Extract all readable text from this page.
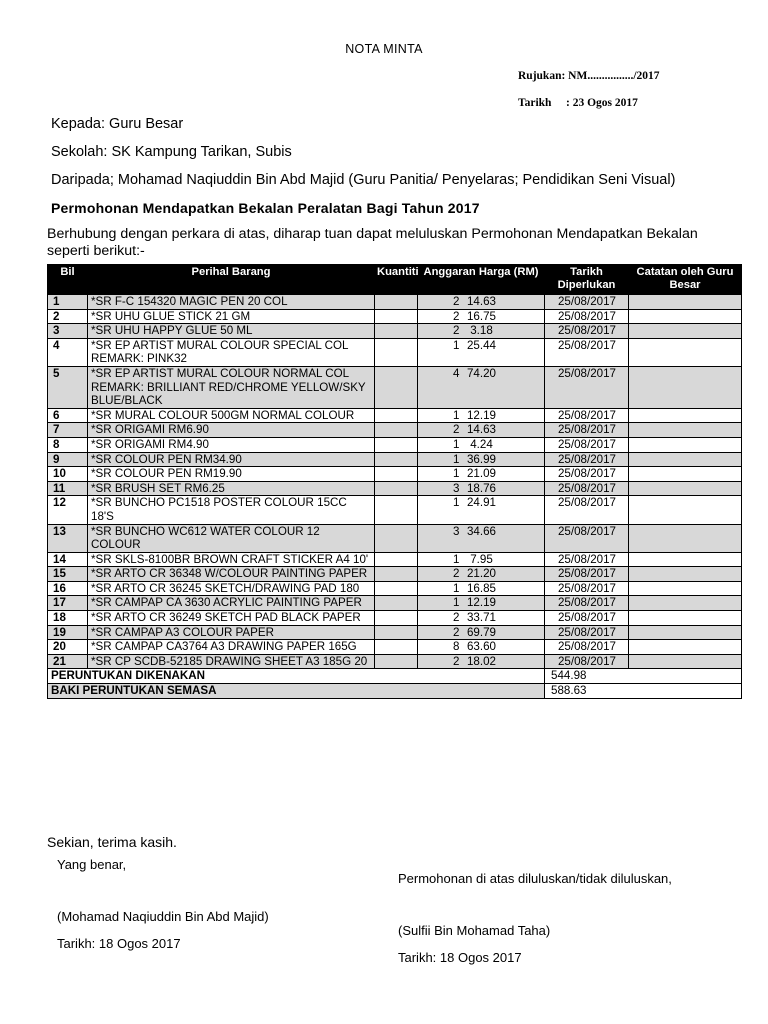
NOTA MINTA
Rujukan: NM................/2017
Tarikh : 23 Ogos 2017
Kepada: Guru Besar
Sekolah: SK Kampung Tarikan, Subis
Daripada; Mohamad Naqiuddin Bin Abd Majid (Guru Panitia/ Penyelaras; Pendidikan Seni Visual)
Permohonan Mendapatkan Bekalan Peralatan Bagi Tahun 2017
Berhubung dengan perkara di atas, diharap tuan dapat meluluskan Permohonan Mendapatkan Bekalan seperti berikut:-
Bil	Perihal Barang	Kuantiti	Anggaran Harga (RM)	Tarikh Diperlukan	Catatan oleh Guru Besar
1	*SR F-C 154320 MAGIC PEN 20 COL	2	14.63	25/08/2017	
2	*SR UHU GLUE STICK 21 GM	2	16.75	25/08/2017	
3	*SR UHU HAPPY GLUE 50 ML	2	3.18	25/08/2017	
4	*SR EP ARTIST MURAL COLOUR SPECIAL COL REMARK: PINK32	1	25.44	25/08/2017	
5	*SR EP ARTIST MURAL COLOUR NORMAL COL REMARK: BRILLIANT RED/CHROME YELLOW/SKY BLUE/BLACK	4	74.20	25/08/2017	
6	*SR MURAL COLOUR 500GM NORMAL COLOUR	1	12.19	25/08/2017	
7	*SR ORIGAMI RM6.90	2	14.63	25/08/2017	
8	*SR ORIGAMI RM4.90	1	4.24	25/08/2017	
9	*SR COLOUR PEN RM34.90	1	36.99	25/08/2017	
10	*SR COLOUR PEN RM19.90	1	21.09	25/08/2017	
11	*SR BRUSH SET RM6.25	3	18.76	25/08/2017	
12	*SR BUNCHO PC1518 POSTER COLOUR 15CC 18'S	1	24.91	25/08/2017	
13	*SR BUNCHO WC612 WATER COLOUR 12 COLOUR	3	34.66	25/08/2017	
14	*SR SKLS-8100BR BROWN CRAFT STICKER A4 10'	1	7.95	25/08/2017	
15	*SR ARTO CR 36348 W/COLOUR PAINTING PAPER	2	21.20	25/08/2017	
16	*SR ARTO CR 36245 SKETCH/DRAWING PAD 180	1	16.85	25/08/2017	
17	*SR CAMPAP CA 3630 ACRYLIC PAINTING PAPER	1	12.19	25/08/2017	
18	*SR ARTO CR 36249 SKETCH PAD BLACK PAPER	2	33.71	25/08/2017	
19	*SR CAMPAP A3 COLOUR PAPER	2	69.79	25/08/2017	
20	*SR CAMPAP CA3764 A3 DRAWING PAPER 165G	8	63.60	25/08/2017	
21	*SR CP SCDB-52185 DRAWING SHEET A3 185G 20	2	18.02	25/08/2017	
PERUNTUKAN DIKENAKAN				544.98	
BAKI PERUNTUKAN SEMASA				588.63	
Sekian, terima kasih.
Yang benar,
Permohonan di atas diluluskan/tidak diluluskan,
(Mohamad Naqiuddin Bin Abd Majid)
(Sulfii Bin Mohamad Taha)
Tarikh: 18 Ogos 2017
Tarikh: 18 Ogos 2017
